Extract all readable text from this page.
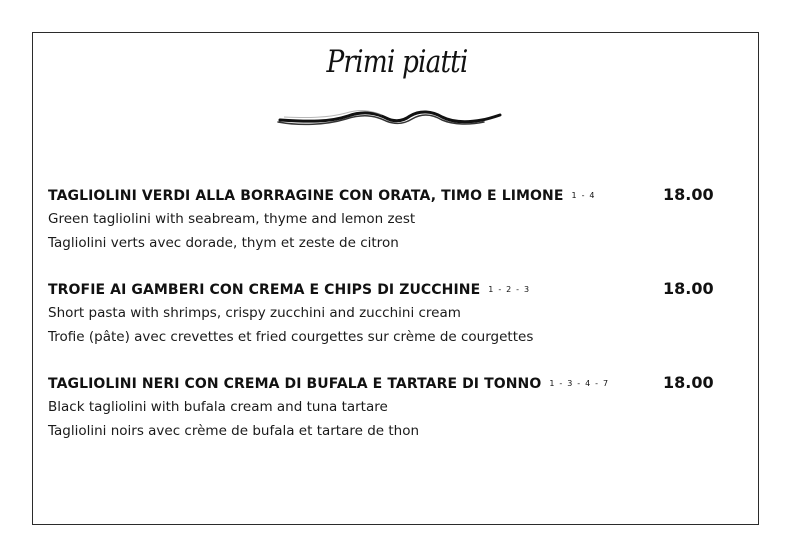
Primi piatti
TAGLIOLINI VERDI ALLA BORRAGINE CON ORATA, TIMO E LIMONE 1 - 4	18.00
Green tagliolini with seabream, thyme and lemon zest
Tagliolini verts avec dorade, thym et zeste de citron
TROFIE AI GAMBERI CON CREMA E CHIPS DI ZUCCHINE 1 - 2 - 3	18.00
Short pasta with shrimps, crispy zucchini and zucchini cream
Trofie (pâte) avec crevettes et fried courgettes sur crème de courgettes
TAGLIOLINI NERI CON CREMA DI BUFALA E TARTARE DI TONNO 1 - 3 - 4 - 7	18.00
Black tagliolini with bufala cream and tuna tartare
Tagliolini noirs avec crème de bufala et tartare de thon
